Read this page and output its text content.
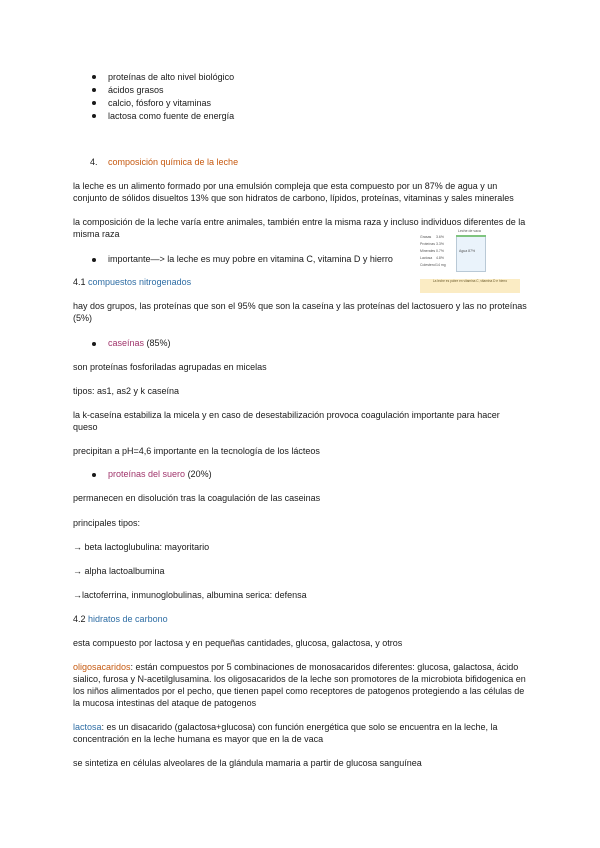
proteínas de alto nivel biológico
ácidos grasos
calcio, fósforo y vitaminas
lactosa como fuente de energía
4. composición química de la leche
la leche es un alimento formado por una emulsión compleja que esta compuesto por un 87% de agua y un conjunto de sólidos disueltos 13% que son hidratos de carbono, lípidos, proteínas, vitaminas y sales minerales
la composición de la leche varía entre animales, también entre la misma raza y incluso individuos diferentes de la misma raza	Leche de vaca
Grasas 3.6%
Proteínas 3.3%
Minerales 0.7%
Lactosa 4.8%
Colesterol 14 mg
Agua 87%
La leche es pobre en vitamina C, vitamina D e hierro
importante—> la leche es muy pobre en vitamina C, vitamina D y hierro
4.1 compuestos nitrogenados
hay dos grupos, las proteínas que son el 95% que son la caseína y las proteínas del lactosuero y las no proteínas (5%)
caseínas (85%)
son proteínas fosforiladas agrupadas en micelas
tipos: as1, as2 y k caseína
la k-caseína estabiliza la micela y en caso de desestabilización provoca coagulación importante para hacer queso
precipitan a pH=4,6 importante en la tecnología de los lácteos
proteínas del suero (20%)
permanecen en disolución tras la coagulación de las caseinas
principales tipos:
→ beta lactoglubulina: mayoritario
→ alpha lactoalbumina
→lactoferrina, inmunoglobulinas, albumina serica: defensa
4.2 hidratos de carbono
esta compuesto por lactosa y en pequeñas cantidades, glucosa, galactosa, y otros
oligosacaridos: están compuestos por 5 combinaciones de monosacaridos diferentes: glucosa, galactosa, ácido sialico, furosa y N-acetilglusamina. los oligosacaridos de la leche son promotores de la microbiota bifidogenica en los niños alimentados por el pecho, que tienen papel como receptores de patogenos protegiendo a las células de la mucosa intestinas del ataque de patogenos
lactosa: es un disacarido (galactosa+glucosa) con función energética que solo se encuentra en la leche, la concentración en la leche humana es mayor que en la de vaca
se sintetiza en células alveolares de la glándula mamaria a partir de glucosa sanguínea
